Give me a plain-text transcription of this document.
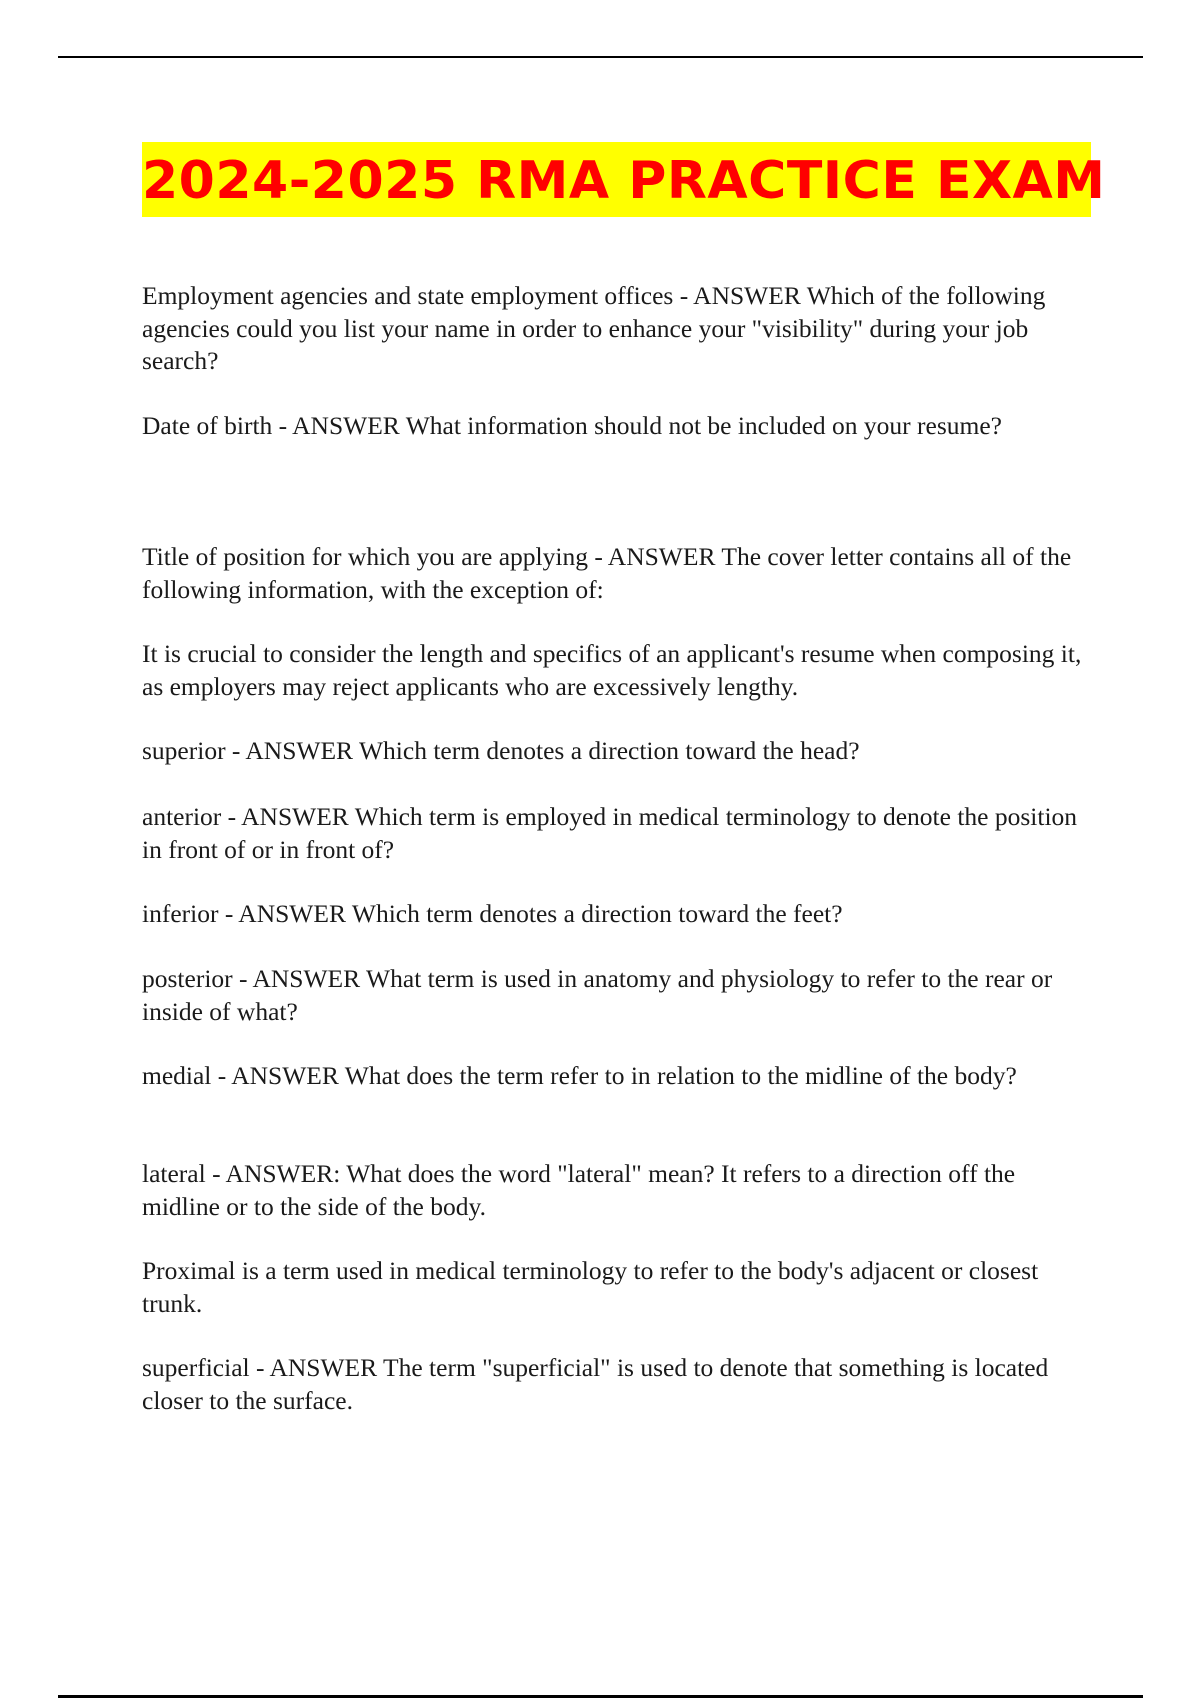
2024-2025 RMA PRACTICE EXAM

Employment agencies and state employment offices - ANSWER Which of the following agencies could you list your name in order to enhance your "visibility" during your job search?

Date of birth - ANSWER What information should not be included on your resume?

Title of position for which you are applying - ANSWER The cover letter contains all of the following information, with the exception of:

It is crucial to consider the length and specifics of an applicant's resume when composing it, as employers may reject applicants who are excessively lengthy.

superior - ANSWER Which term denotes a direction toward the head?

anterior - ANSWER Which term is employed in medical terminology to denote the position in front of or in front of?

inferior - ANSWER Which term denotes a direction toward the feet?

posterior - ANSWER What term is used in anatomy and physiology to refer to the rear or inside of what?

medial - ANSWER What does the term refer to in relation to the midline of the body?

lateral - ANSWER: What does the word "lateral" mean? It refers to a direction off the midline or to the side of the body.

Proximal is a term used in medical terminology to refer to the body's adjacent or closest trunk.

superficial - ANSWER The term "superficial" is used to denote that something is located closer to the surface.
